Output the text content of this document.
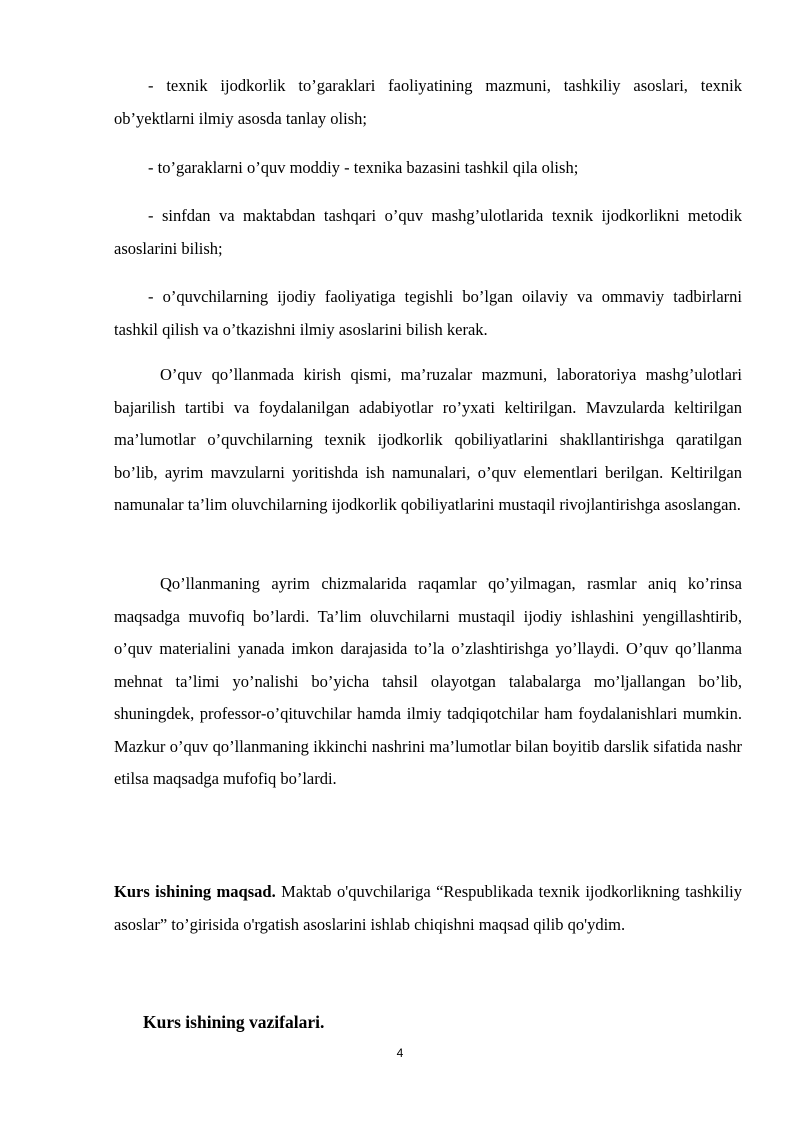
- texnik ijodkorlik to’garaklari faoliyatining mazmuni, tashkiliy asoslari, texnik ob’yektlarni ilmiy asosda tanlay olish;

- to’garaklarni o’quv moddiy - texnika bazasini tashkil qila olish;

- sinfdan va maktabdan tashqari o’quv mashg’ulotlarida texnik ijodkorlikni metodik asoslarini bilish;

- o’quvchilarning ijodiy faoliyatiga tegishli bo’lgan oilaviy va ommaviy tadbirlarni tashkil qilish va o’tkazishni ilmiy asoslarini bilish kerak.

O’quv qo’llanmada kirish qismi, ma’ruzalar mazmuni, laboratoriya mashg’ulotlari bajarilish tartibi va foydalanilgan adabiyotlar ro’yxati keltirilgan. Mavzularda keltirilgan ma’lumotlar o’quvchilarning texnik ijodkorlik qobiliyatlarini shakllantirishga qaratilgan bo’lib, ayrim mavzularni yoritishda ish namunalari, o’quv elementlari berilgan. Keltirilgan namunalar ta’lim oluvchilarning ijodkorlik qobiliyatlarini mustaqil rivojlantirishga asoslangan.

Qo’llanmaning ayrim chizmalarida raqamlar qo’yilmagan, rasmlar aniq ko’rinsa maqsadga muvofiq bo’lardi. Ta’lim oluvchilarni mustaqil ijodiy ishlashini yengillashtirib, o’quv materialini yanada imkon darajasida to’la o’zlashtirishga yo’llaydi. O’quv qo’llanma mehnat ta’limi yo’nalishi bo’yicha tahsil olayotgan talabalarga mo’ljallangan bo’lib, shuningdek, professor-o’qituvchilar hamda ilmiy tadqiqotchilar ham foydalanishlari mumkin. Mazkur o’quv qo’llanmaning ikkinchi nashrini ma’lumotlar bilan boyitib darslik sifatida nashr etilsa maqsadga mufofiq bo’lardi.

Kurs ishining maqsad. Maktab o'quvchilariga “Respublikada texnik ijodkorlikning tashkiliy asoslar” to’girisida o'rgatish asoslarini ishlab chiqishni maqsad qilib qo'ydim.

Kurs ishining vazifalari.

4
